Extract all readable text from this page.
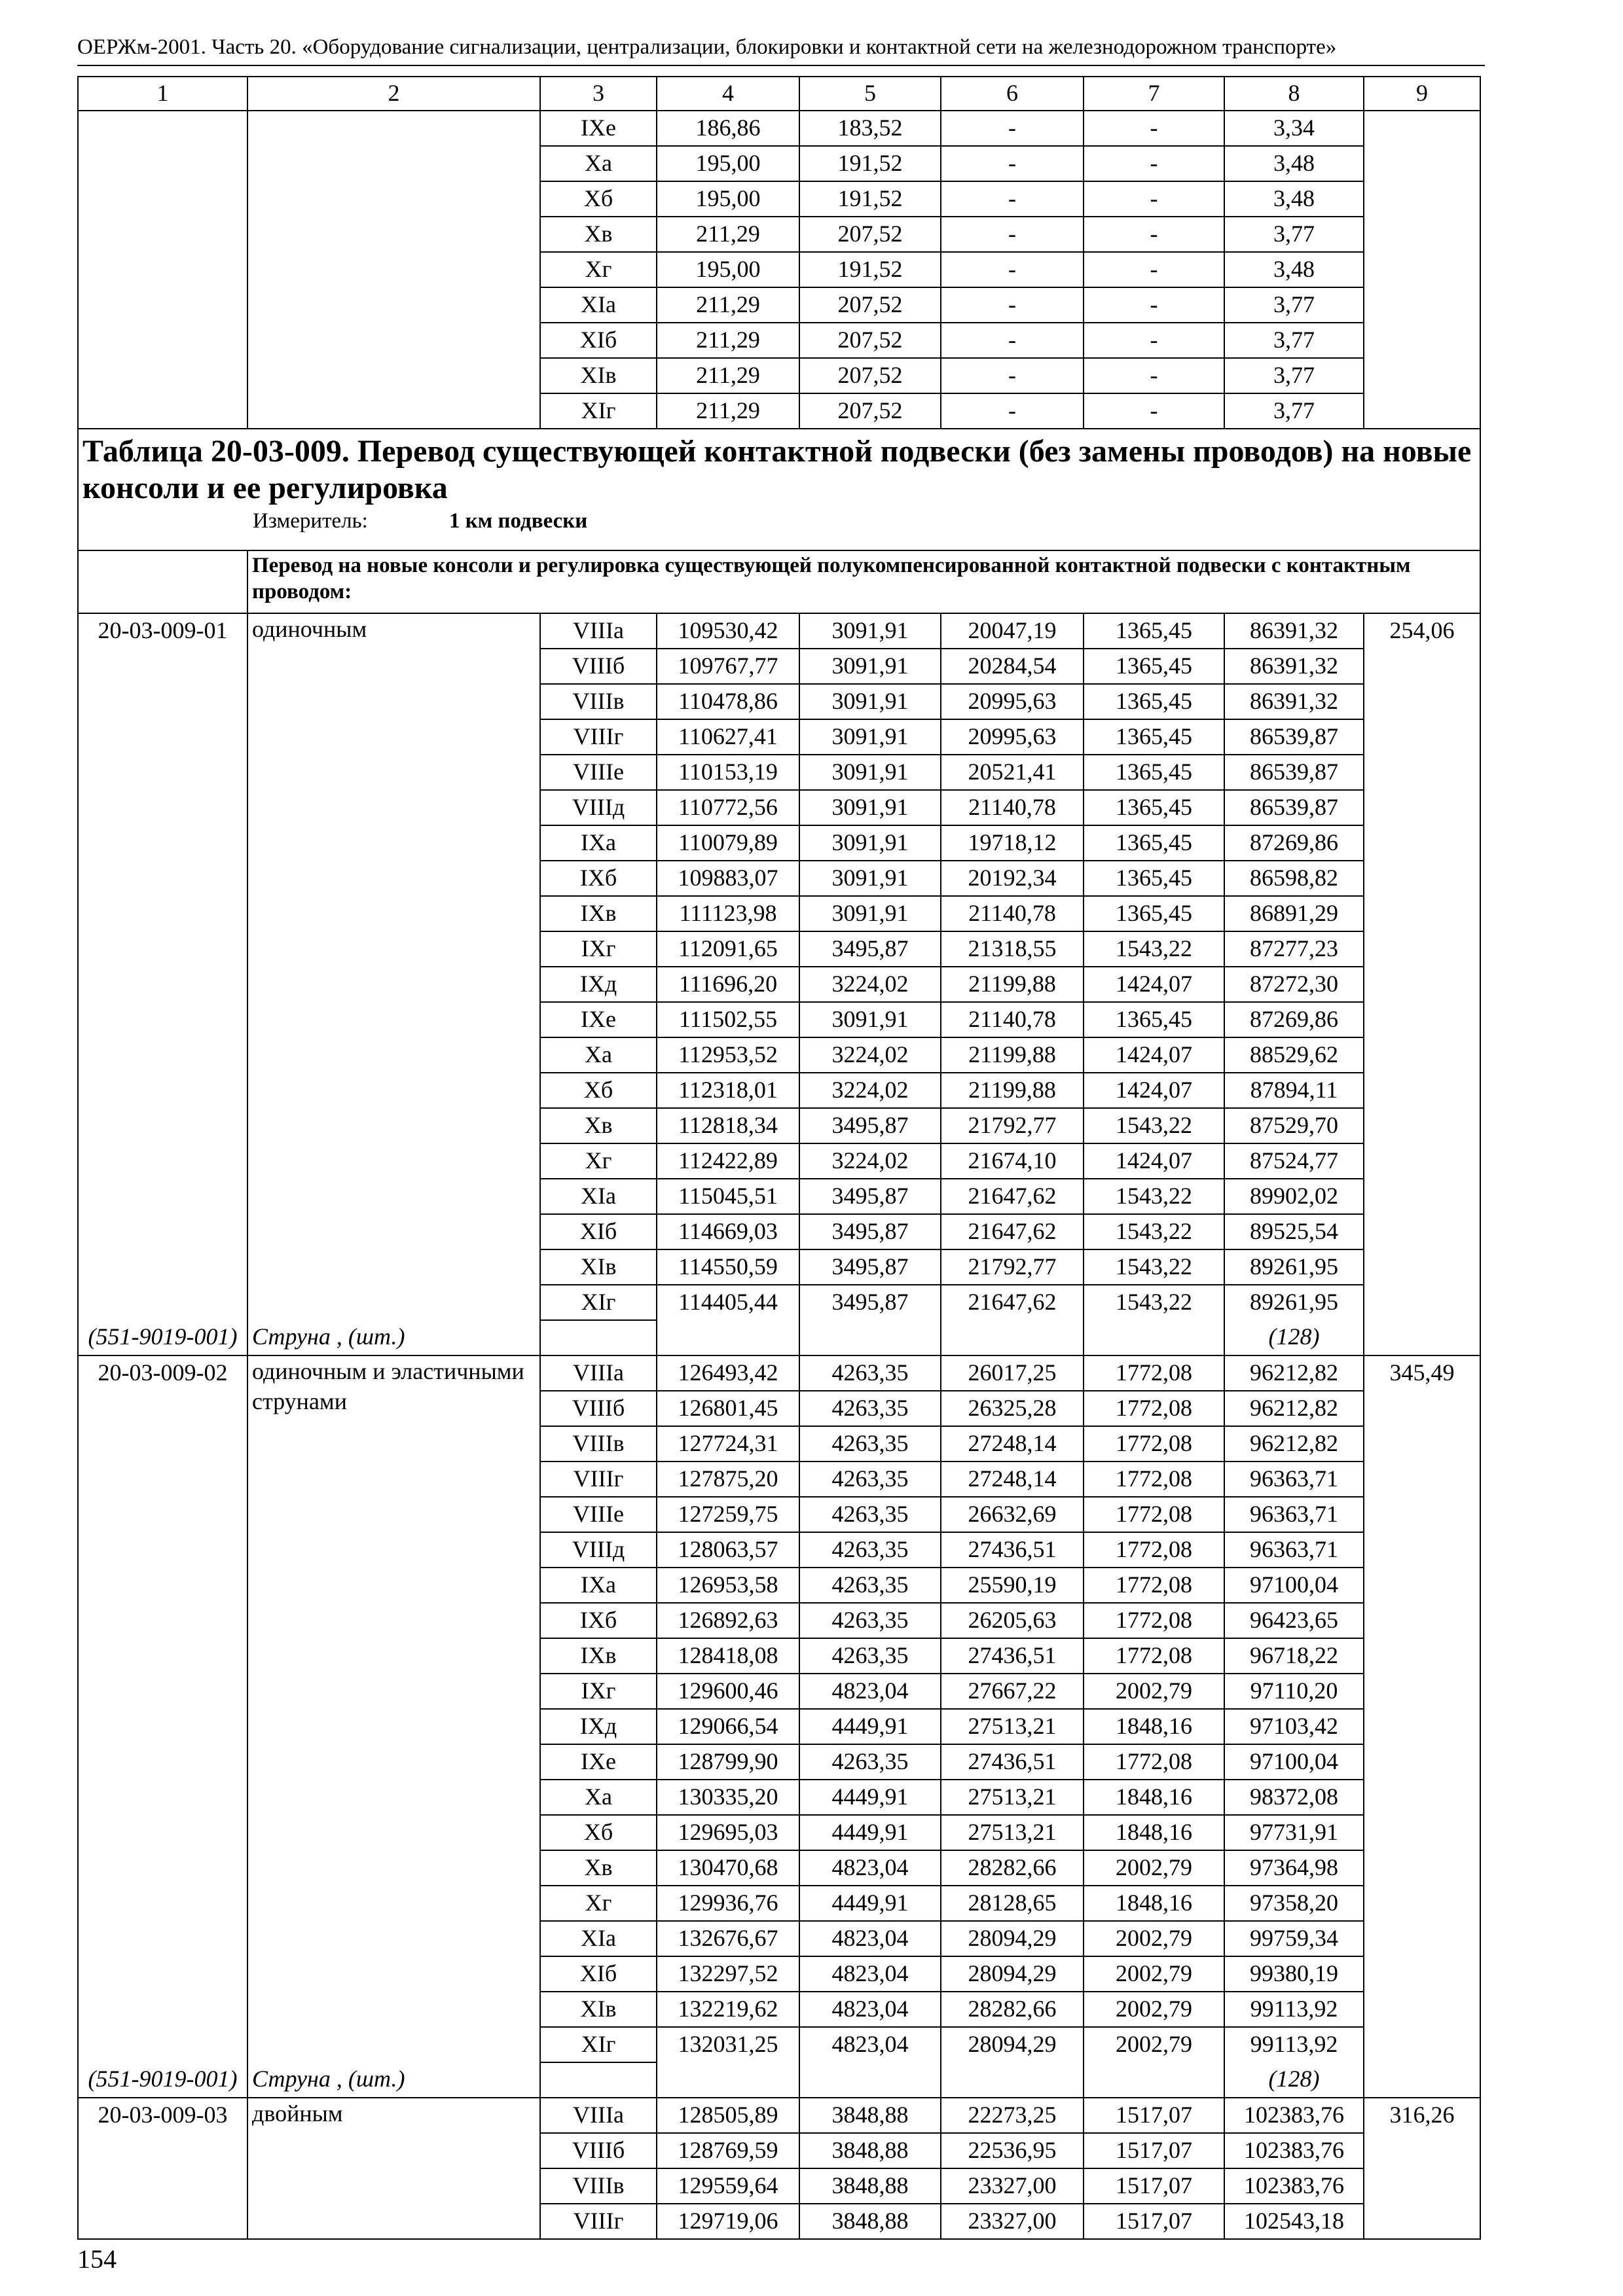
ОЕРЖм-2001. Часть 20. «Оборудование сигнализации, централизации, блокировки и контактной сети на железнодорожном транспорте»
1	2	3	4	5	6	7	8	9
		IXе	186,86	183,52	-	-	3,34	
		Xа	195,00	191,52	-	-	3,48	
		Xб	195,00	191,52	-	-	3,48	
		Xв	211,29	207,52	-	-	3,77	
		Xг	195,00	191,52	-	-	3,48	
		XIа	211,29	207,52	-	-	3,77	
		XIб	211,29	207,52	-	-	3,77	
		XIв	211,29	207,52	-	-	3,77	
		XIг	211,29	207,52	-	-	3,77	

Таблица 20-03-009. Перевод существующей контактной подвески (без замены проводов) на новые консоли и ее регулировка
Измеритель: 1 км подвески								

	Перевод на новые консоли и регулировка существующей полукомпенсированной контактной подвески с контактным проводом:							
20-03-009-01	одиночным	VIIIа	109530,42	3091,91	20047,19	1365,45	86391,32	254,06
		VIIIб	109767,77	3091,91	20284,54	1365,45	86391,32	
		VIIIв	110478,86	3091,91	20995,63	1365,45	86391,32	
		VIIIг	110627,41	3091,91	20995,63	1365,45	86539,87	
		VIIIе	110153,19	3091,91	20521,41	1365,45	86539,87	
		VIIIд	110772,56	3091,91	21140,78	1365,45	86539,87	
		IXа	110079,89	3091,91	19718,12	1365,45	87269,86	
		IXб	109883,07	3091,91	20192,34	1365,45	86598,82	
		IXв	111123,98	3091,91	21140,78	1365,45	86891,29	
		IXг	112091,65	3495,87	21318,55	1543,22	87277,23	
		IXд	111696,20	3224,02	21199,88	1424,07	87272,30	
		IXе	111502,55	3091,91	21140,78	1365,45	87269,86	
		Xа	112953,52	3224,02	21199,88	1424,07	88529,62	
		Xб	112318,01	3224,02	21199,88	1424,07	87894,11	
		Xв	112818,34	3495,87	21792,77	1543,22	87529,70	
		Xг	112422,89	3224,02	21674,10	1424,07	87524,77	
		XIа	115045,51	3495,87	21647,62	1543,22	89902,02	
		XIб	114669,03	3495,87	21647,62	1543,22	89525,54	
		XIв	114550,59	3495,87	21792,77	1543,22	89261,95	
		XIг	114405,44	3495,87	21647,62	1543,22	89261,95	
(551-9019-001)	Струна , (шт.)						(128)	
20-03-009-02	одиночным и эластичными струнами	VIIIа	126493,42	4263,35	26017,25	1772,08	96212,82	345,49
		VIIIб	126801,45	4263,35	26325,28	1772,08	96212,82	
		VIIIв	127724,31	4263,35	27248,14	1772,08	96212,82	
		VIIIг	127875,20	4263,35	27248,14	1772,08	96363,71	
		VIIIе	127259,75	4263,35	26632,69	1772,08	96363,71	
		VIIIд	128063,57	4263,35	27436,51	1772,08	96363,71	
		IXа	126953,58	4263,35	25590,19	1772,08	97100,04	
		IXб	126892,63	4263,35	26205,63	1772,08	96423,65	
		IXв	128418,08	4263,35	27436,51	1772,08	96718,22	
		IXг	129600,46	4823,04	27667,22	2002,79	97110,20	
		IXд	129066,54	4449,91	27513,21	1848,16	97103,42	
		IXе	128799,90	4263,35	27436,51	1772,08	97100,04	
		Xа	130335,20	4449,91	27513,21	1848,16	98372,08	
		Xб	129695,03	4449,91	27513,21	1848,16	97731,91	
		Xв	130470,68	4823,04	28282,66	2002,79	97364,98	
		Xг	129936,76	4449,91	28128,65	1848,16	97358,20	
		XIа	132676,67	4823,04	28094,29	2002,79	99759,34	
		XIб	132297,52	4823,04	28094,29	2002,79	99380,19	
		XIв	132219,62	4823,04	28282,66	2002,79	99113,92	
		XIг	132031,25	4823,04	28094,29	2002,79	99113,92	
(551-9019-001)	Струна , (шт.)						(128)	
20-03-009-03	двойным	VIIIа	128505,89	3848,88	22273,25	1517,07	102383,76	316,26
		VIIIб	128769,59	3848,88	22536,95	1517,07	102383,76	
		VIIIв	129559,64	3848,88	23327,00	1517,07	102383,76	
		VIIIг	129719,06	3848,88	23327,00	1517,07	102543,18	
154
